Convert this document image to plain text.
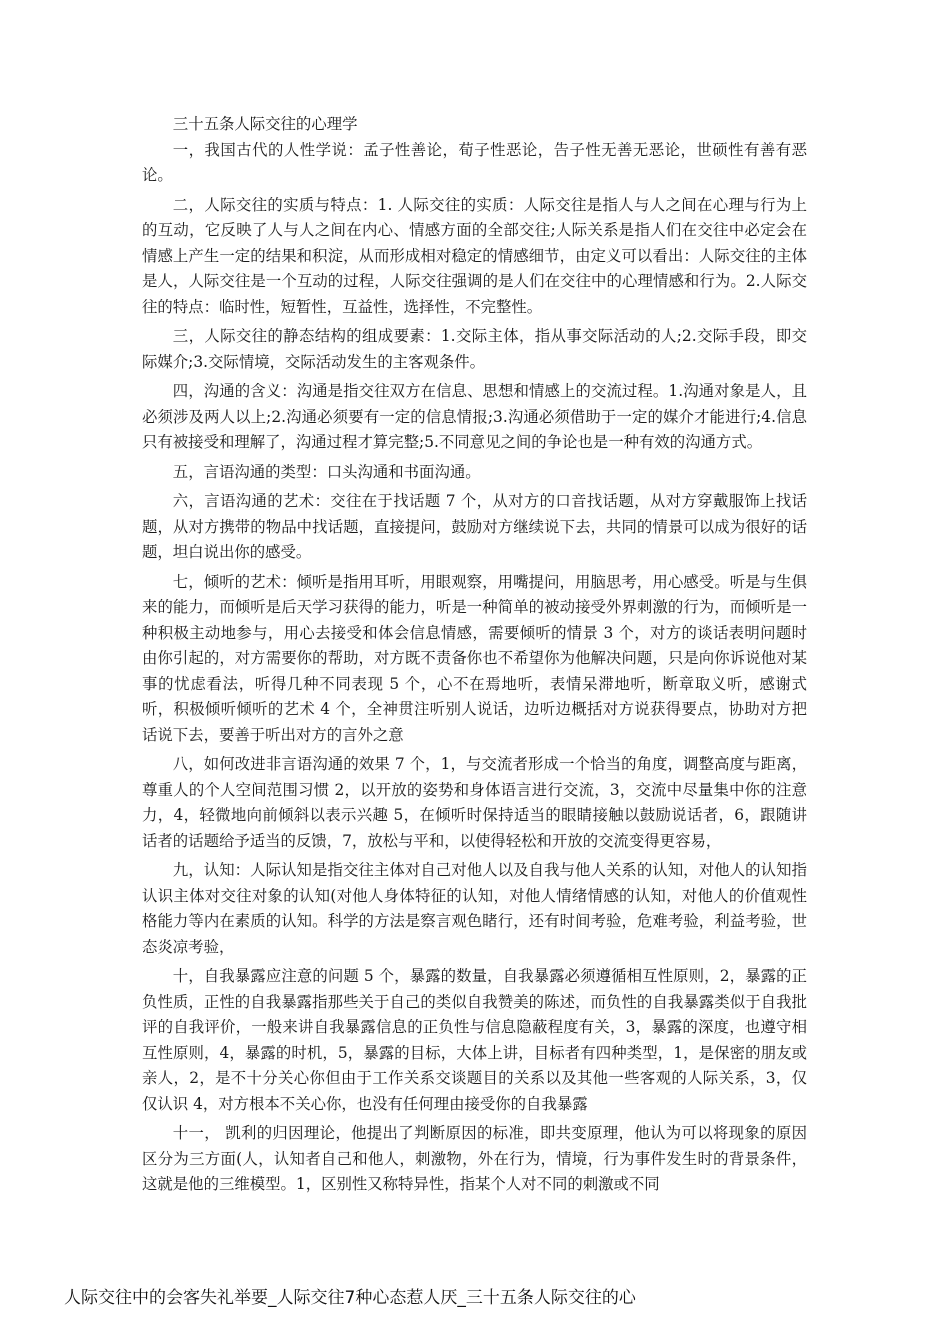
三十五条人际交往的心理学

一，我国古代的人性学说：孟子性善论，荀子性恶论，告子性无善无恶论，世硕性有善有恶论。

二，人际交往的实质与特点：1. 人际交往的实质：人际交往是指人与人之间在心理与行为上的互动，它反映了人与人之间在内心、情感方面的全部交往;人际关系是指人们在交往中必定会在情感上产生一定的结果和积淀，从而形成相对稳定的情感细节，由定义可以看出：人际交往的主体是人，人际交往是一个互动的过程，人际交往强调的是人们在交往中的心理情感和行为。2.人际交往的特点：临时性，短暂性，互益性，选择性，不完整性。

三，人际交往的静态结构的组成要素：1.交际主体，指从事交际活动的人;2.交际手段，即交际媒介;3.交际情境，交际活动发生的主客观条件。

四，沟通的含义：沟通是指交往双方在信息、思想和情感上的交流过程。1.沟通对象是人，且必须涉及两人以上;2.沟通必须要有一定的信息情报;3.沟通必须借助于一定的媒介才能进行;4.信息只有被接受和理解了，沟通过程才算完整;5.不同意见之间的争论也是一种有效的沟通方式。

五，言语沟通的类型：口头沟通和书面沟通。

六，言语沟通的艺术：交往在于找话题 7 个，从对方的口音找话题，从对方穿戴服饰上找话题，从对方携带的物品中找话题，直接提问，鼓励对方继续说下去，共同的情景可以成为很好的话题，坦白说出你的感受。

七，倾听的艺术：倾听是指用耳听，用眼观察，用嘴提问，用脑思考，用心感受。听是与生俱来的能力，而倾听是后天学习获得的能力，听是一种简单的被动接受外界刺激的行为，而倾听是一种积极主动地参与，用心去接受和体会信息情感，需要倾听的情景 3 个，对方的谈话表明问题时由你引起的，对方需要你的帮助，对方既不责备你也不希望你为他解决问题，只是向你诉说他对某事的忧虑看法，听得几种不同表现 5 个，心不在焉地听，表情呆滞地听，断章取义听，感谢式听，积极倾听倾听的艺术 4 个，全神贯注听别人说话，边听边概括对方说获得要点，协助对方把话说下去，要善于听出对方的言外之意

八，如何改进非言语沟通的效果 7 个，1，与交流者形成一个恰当的角度，调整高度与距离，尊重人的个人空间范围习惯 2，以开放的姿势和身体语言进行交流，3，交流中尽量集中你的注意力，4，轻微地向前倾斜以表示兴趣 5，在倾听时保持适当的眼睛接触以鼓励说话者，6，跟随讲话者的话题给予适当的反馈，7，放松与平和，以使得轻松和开放的交流变得更容易，

九，认知：人际认知是指交往主体对自己对他人以及自我与他人关系的认知，对他人的认知指认识主体对交往对象的认知(对他人身体特征的认知，对他人情绪情感的认知，对他人的价值观性格能力等内在素质的认知。科学的方法是察言观色睹行，还有时间考验，危难考验，利益考验，世态炎凉考验，

十，自我暴露应注意的问题 5 个，暴露的数量，自我暴露必须遵循相互性原则，2，暴露的正负性质，正性的自我暴露指那些关于自己的类似自我赞美的陈述，而负性的自我暴露类似于自我批评的自我评价，一般来讲自我暴露信息的正负性与信息隐蔽程度有关，3，暴露的深度，也遵守相互性原则，4，暴露的时机，5，暴露的目标，大体上讲，目标者有四种类型，1，是保密的朋友或亲人，2，是不十分关心你但由于工作关系交谈题目的关系以及其他一些客观的人际关系，3，仅仅认识 4，对方根本不关心你，也没有任何理由接受你的自我暴露

十一， 凯利的归因理论，他提出了判断原因的标准，即共变原理，他认为可以将现象的原因区分为三方面(人，认知者自己和他人，刺激物，外在行为，情境，行为事件发生时的背景条件，这就是他的三维模型。1，区别性又称特异性，指某个人对不同的刺激或不同

人际交往中的会客失礼举要_人际交往7种心态惹人厌_三十五条人际交往的心
